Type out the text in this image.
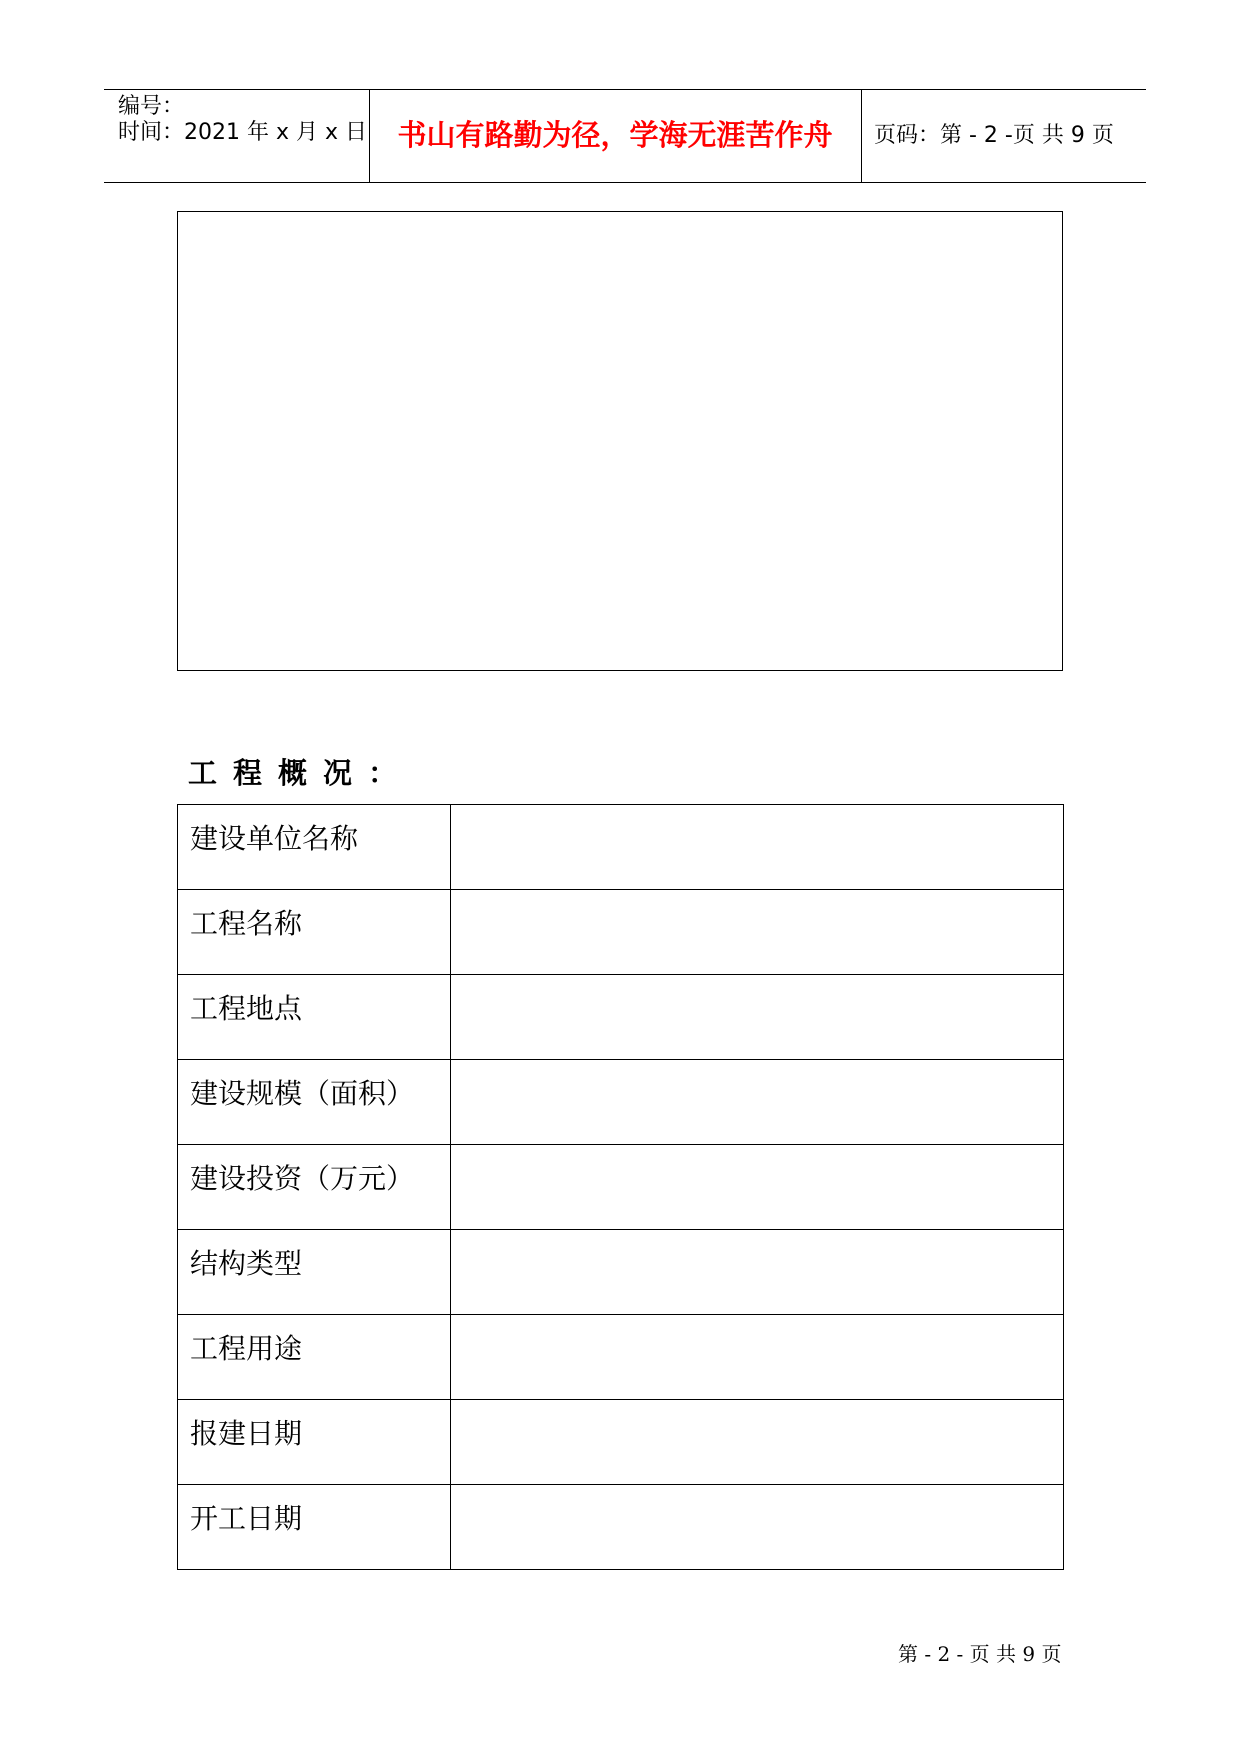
编号：
时间：2021 年 x 月 x 日	书山有路勤为径，学海无涯苦作舟	页码：第 - 2 -页 共 9 页
工程概况：
建设单位名称	
工程名称	
工程地点	
建设规模（面积）	
建设投资（万元）	
结构类型	
工程用途	
报建日期	
开工日期	
第 - 2 - 页 共 9 页
